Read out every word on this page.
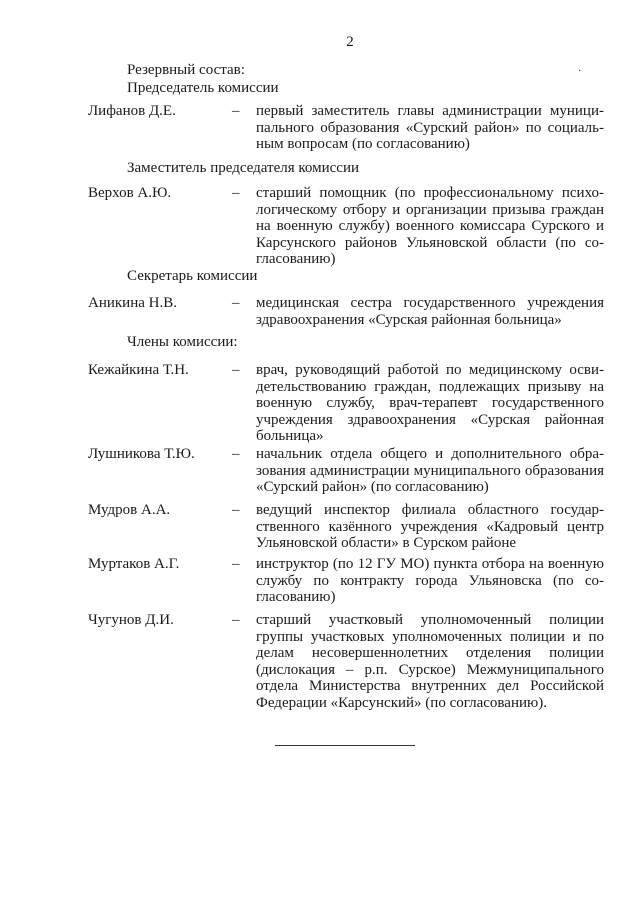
2
·
Резервный состав:
Председатель комиссии
Лифанов Д.Е.	– первый заместитель главы администрации муниципального образования «Сурский район» по социальным вопросам (по согласованию)
Заместитель председателя комиссии
Верхов А.Ю.	– старший помощник (по профессиональному психологическому отбору и организации призыва граждан на военную службу) военного комиссара Сурского и Карсунского районов Ульяновской области (по согласованию)
Секретарь комиссии
Аникина Н.В.	– медицинская сестра государственного учреждения здравоохранения «Сурская районная больница»
Члены комиссии:
Кежайкина Т.Н.	– врач, руководящий работой по медицинскому освидетельствованию граждан, подлежащих призыву на военную службу, врач-терапевт государственного учреждения здравоохранения «Сурская районная больница»
Лушникова Т.Ю. – начальник отдела общего и дополнительного образования администрации муниципального образования «Сурский район» (по согласованию)
Мудров А.А.	– ведущий инспектор филиала областного государственного казённого учреждения «Кадровый центр Ульяновской области» в Сурском районе
Муртаков А.Г.	– инструктор (по 12 ГУ МО) пункта отбора на военную службу по контракту города Ульяновска (по согласованию)
Чугунов Д.И.	– старший участковый уполномоченный полиции группы участковых уполномоченных полиции и по делам несовершеннолетних отделения полиции (дислокация – р.п. Сурское) Межмуниципального отдела Министерства внутренних дел Российской Федерации «Карсунский» (по согласованию).
